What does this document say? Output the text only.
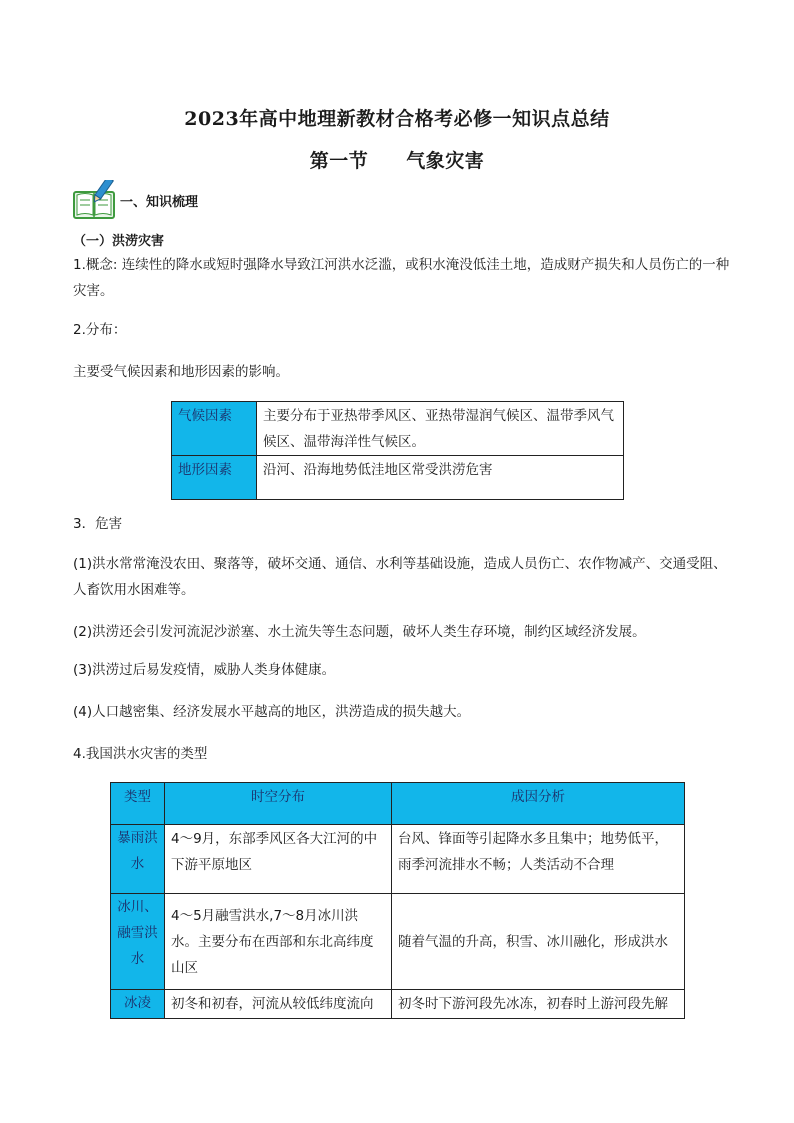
2023年高中地理新教材合格考必修一知识点总结
第一节 气象灾害
一、知识梳理
（一）洪涝灾害
1.概念: 连续性的降水或短时强降水导致江河洪水泛滥，或积水淹没低洼土地，造成财产损失和人员伤亡的一种灾害。
2.分布：
主要受气候因素和地形因素的影响。
气候因素	主要分布于亚热带季风区、亚热带湿润气候区、温带季风气候区、温带海洋性气候区。
地形因素	沿河、沿海地势低洼地区常受洪涝危害
3．危害
(1)洪水常常淹没农田、聚落等，破坏交通、通信、水利等基础设施，造成人员伤亡、农作物减产、交通受阻、人畜饮用水困难等。
(2)洪涝还会引发河流泥沙淤塞、水土流失等生态问题，破坏人类生存环境，制约区域经济发展。
(3)洪涝过后易发疫情，威胁人类身体健康。
(4)人口越密集、经济发展水平越高的地区，洪涝造成的损失越大。
4.我国洪水灾害的类型
类型	时空分布	成因分析
暴雨洪水	4～9月，东部季风区各大江河的中下游平原地区	台风、锋面等引起降水多且集中；地势低平，雨季河流排水不畅；人类活动不合理
冰川、融雪洪水	4～5月融雪洪水,7～8月冰川洪水。主要分布在西部和东北高纬度山区	随着气温的升高，积雪、冰川融化，形成洪水
冰凌	初冬和初春，河流从较低纬度流向	初冬时下游河段先冰冻，初春时上游河段先解
